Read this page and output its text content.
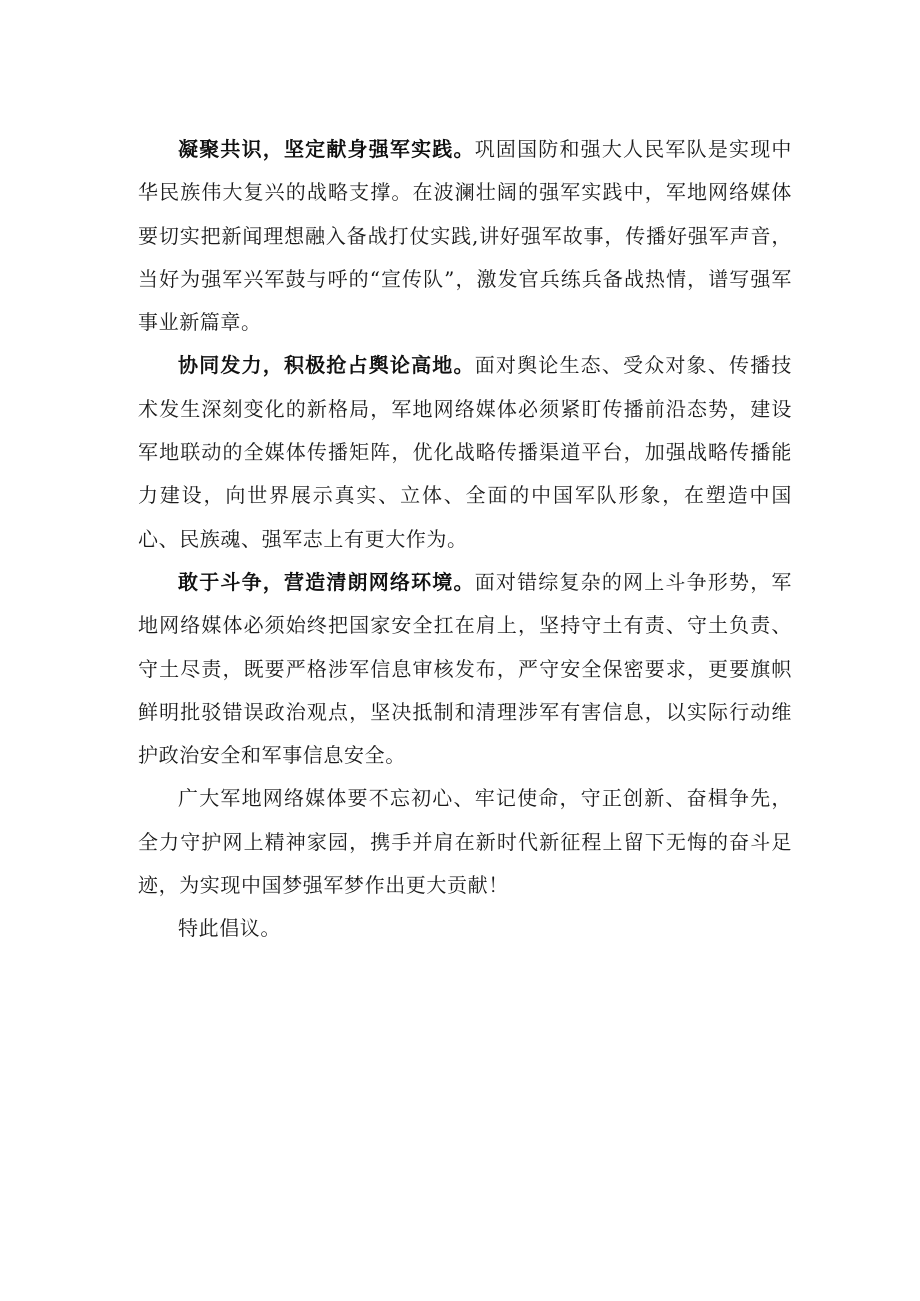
凝聚共识，坚定献身强军实践。巩固国防和强大人民军队是实现中华民族伟大复兴的战略支撑。在波澜壮阔的强军实践中，军地网络媒体要切实把新闻理想融入备战打仗实践,讲好强军故事，传播好强军声音，当好为强军兴军鼓与呼的“宣传队”，激发官兵练兵备战热情，谱写强军事业新篇章。

协同发力，积极抢占舆论高地。面对舆论生态、受众对象、传播技术发生深刻变化的新格局，军地网络媒体必须紧盯传播前沿态势，建设军地联动的全媒体传播矩阵，优化战略传播渠道平台，加强战略传播能力建设，向世界展示真实、立体、全面的中国军队形象，在塑造中国心、民族魂、强军志上有更大作为。

敢于斗争，营造清朗网络环境。面对错综复杂的网上斗争形势，军地网络媒体必须始终把国家安全扛在肩上，坚持守土有责、守土负责、守土尽责，既要严格涉军信息审核发布，严守安全保密要求，更要旗帜鲜明批驳错误政治观点，坚决抵制和清理涉军有害信息，以实际行动维护政治安全和军事信息安全。

广大军地网络媒体要不忘初心、牢记使命，守正创新、奋楫争先，全力守护网上精神家园，携手并肩在新时代新征程上留下无悔的奋斗足迹，为实现中国梦强军梦作出更大贡献！

特此倡议。
